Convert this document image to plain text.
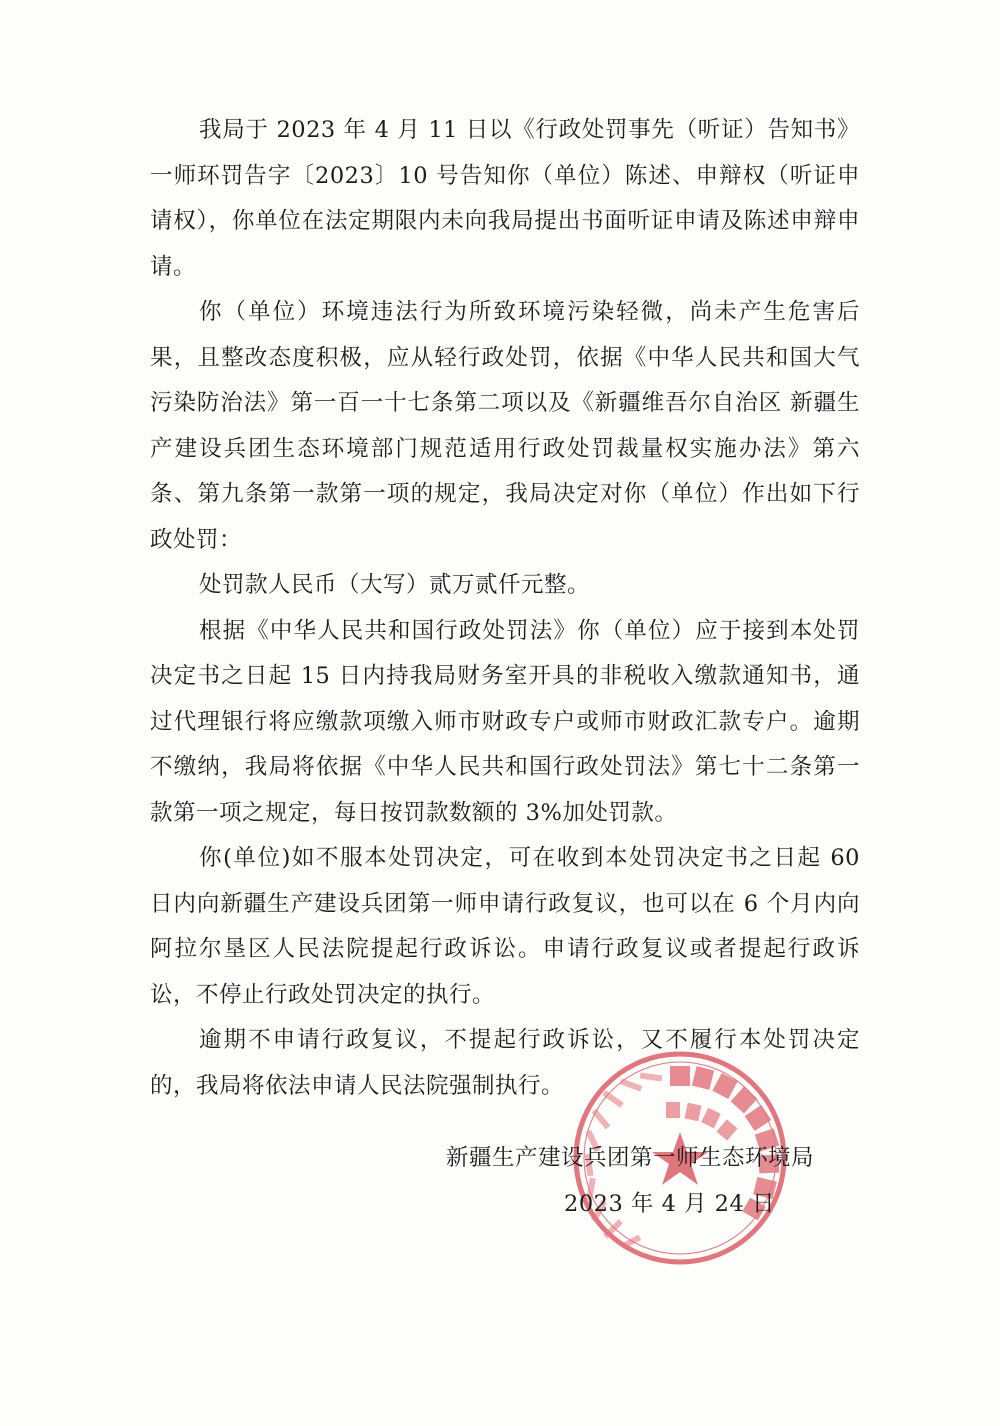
我局于 2023 年 4 月 11 日以《行政处罚事先（听证）告知书》一师环罚告字〔2023〕10 号告知你（单位）陈述、申辩权（听证申请权），你单位在法定期限内未向我局提出书面听证申请及陈述申辩申请。

你（单位）环境违法行为所致环境污染轻微，尚未产生危害后果，且整改态度积极，应从轻行政处罚，依据《中华人民共和国大气污染防治法》第一百一十七条第二项以及《新疆维吾尔自治区 新疆生产建设兵团生态环境部门规范适用行政处罚裁量权实施办法》第六条、第九条第一款第一项的规定，我局决定对你（单位）作出如下行政处罚：

处罚款人民币（大写）贰万贰仟元整。

根据《中华人民共和国行政处罚法》你（单位）应于接到本处罚决定书之日起 15 日内持我局财务室开具的非税收入缴款通知书，通过代理银行将应缴款项缴入师市财政专户或师市财政汇款专户。逾期不缴纳，我局将依据《中华人民共和国行政处罚法》第七十二条第一款第一项之规定，每日按罚款数额的 3%加处罚款。

你(单位)如不服本处罚决定，可在收到本处罚决定书之日起 60 日内向新疆生产建设兵团第一师申请行政复议，也可以在 6 个月内向阿拉尔垦区人民法院提起行政诉讼。申请行政复议或者提起行政诉讼，不停止行政处罚决定的执行。

逾期不申请行政复议，不提起行政诉讼，又不履行本处罚决定的，我局将依法申请人民法院强制执行。

新疆生产建设兵团第一师生态环境局
2023 年 4 月 24 日
